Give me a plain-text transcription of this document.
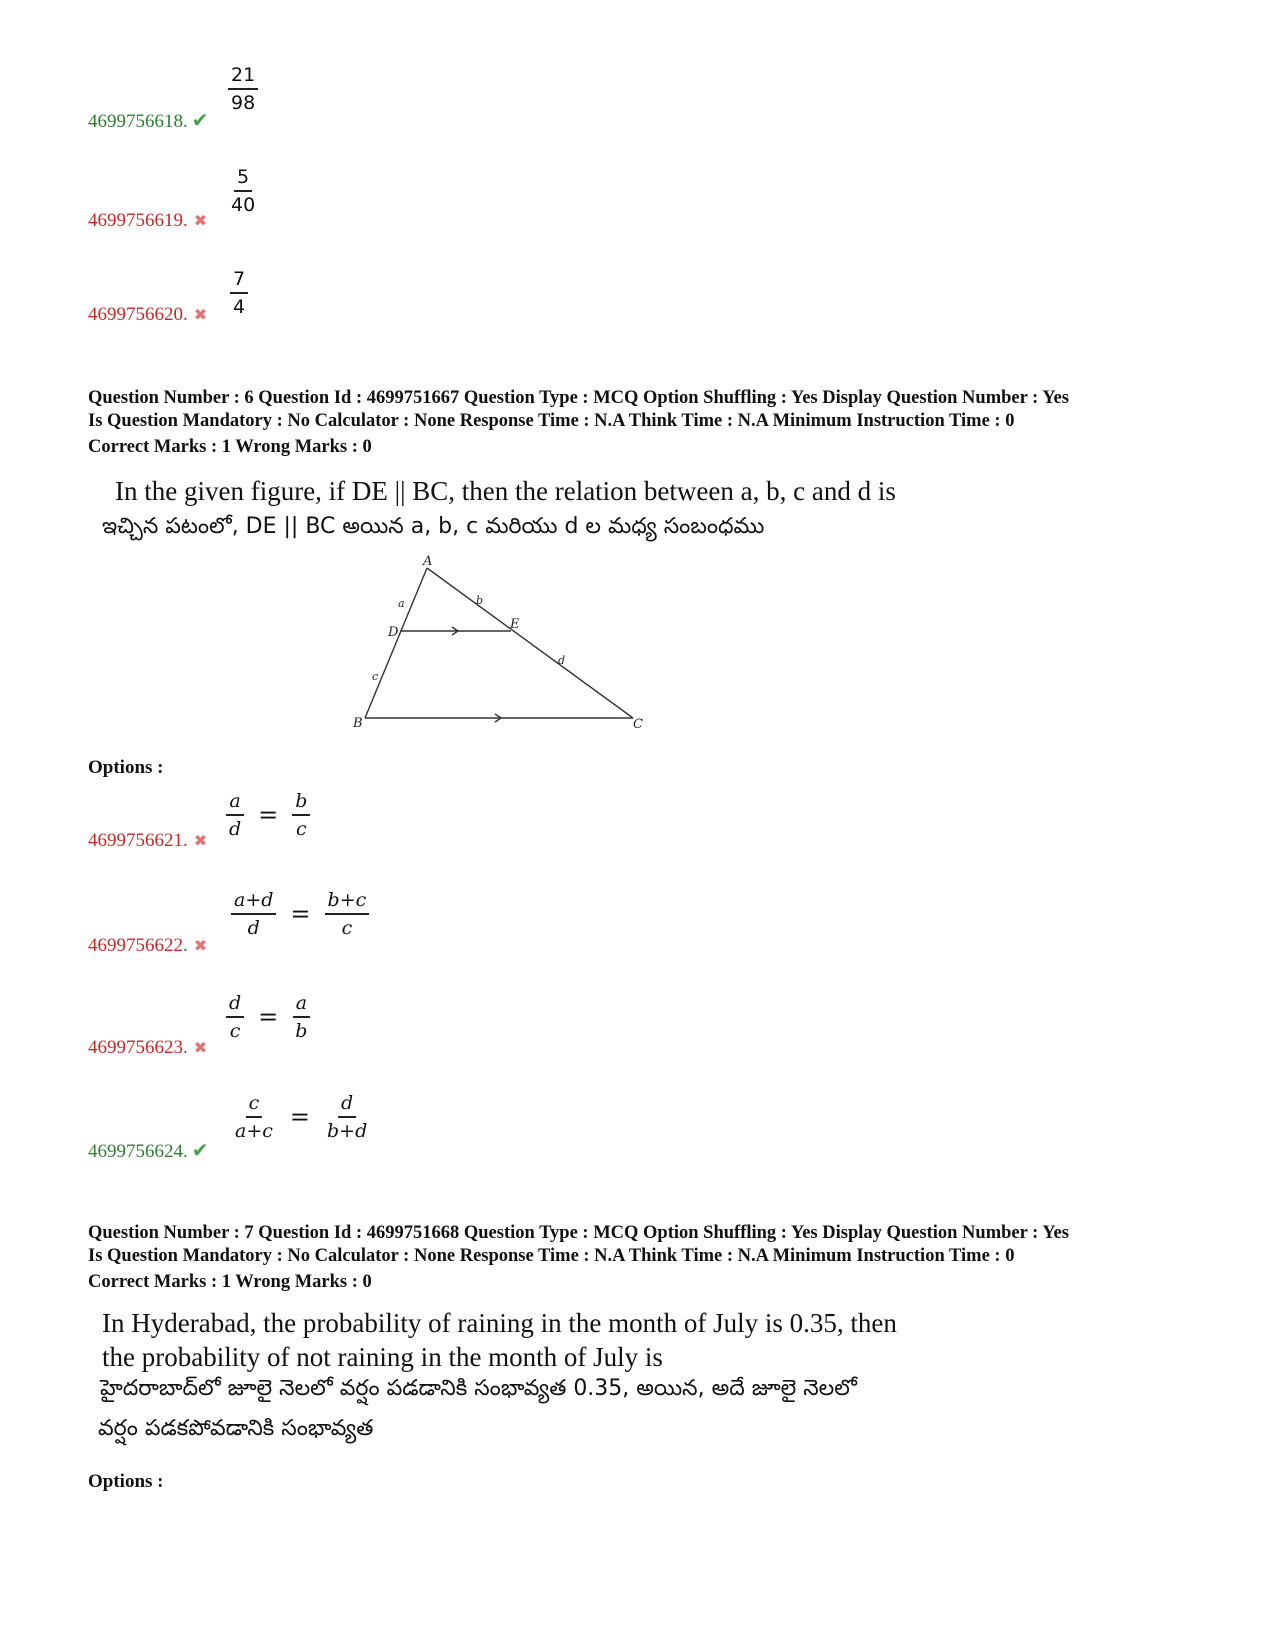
4699756618. ✔
$\frac{21}{98}$
4699756619. ✖
$\frac{5}{40}$
4699756620. ✖ $\frac{7}{4}$
Question Number : 6 Question Id : 4699751667 Question Type : MCQ Option Shuffling : Yes Display Question Number : Yes
Is Question Mandatory : No Calculator : None Response Time : N.A Think Time : N.A Minimum Instruction Time : 0
Correct Marks : 1 Wrong Marks : 0
In the given figure, if DE || BC, then the relation between a, b, c and d is
ఇచ్చిన పటంలో, DE || BC అయిన a, b, c మరియు d ల మధ్య సంబంధము
A
B	C
D
E
a	b
c
d
Options :
4699756621. ✖ $\frac{a}{d} = \frac{b}{c}$
4699756622. ✖
$\frac{a+d}{d} = \frac{b+c}{c}$
4699756623. ✖
$\frac{d}{c} = \frac{a}{b}$
4699756624. ✔
$\frac{c}{a+c} = \frac{d}{b+d}$
Question Number : 7 Question Id : 4699751668 Question Type : MCQ Option Shuffling : Yes Display Question Number : Yes
Is Question Mandatory : No Calculator : None Response Time : N.A Think Time : N.A Minimum Instruction Time : 0
Correct Marks : 1 Wrong Marks : 0
In Hyderabad, the probability of raining in the month of July is 0.35, then
the probability of not raining in the month of July is
హైదరాబాద్‌లో జూలై నెలలో వర్షం పడడానికి సంభావ్యత 0.35, అయిన, అదే జూలై నెలలో
వర్షం పడకపోవడానికి సంభావ్యత
Options :
